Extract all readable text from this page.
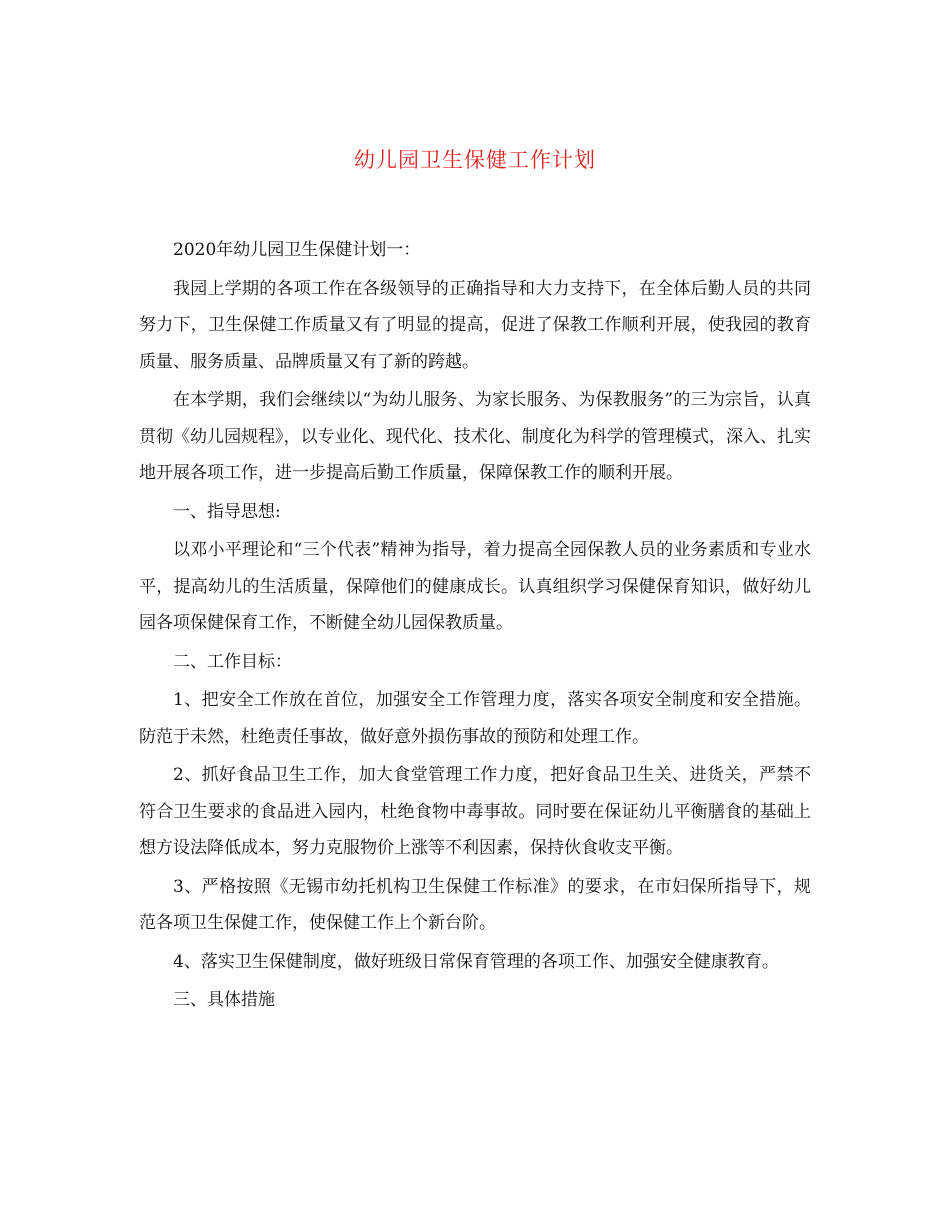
幼儿园卫生保健工作计划

2020年幼儿园卫生保健计划一：

我园上学期的各项工作在各级领导的正确指导和大力支持下，在全体后勤人员的共同努力下，卫生保健工作质量又有了明显的提高，促进了保教工作顺利开展，使我园的教育质量、服务质量、品牌质量又有了新的跨越。

在本学期，我们会继续以“为幼儿服务、为家长服务、为保教服务”的三为宗旨，认真贯彻《幼儿园规程》，以专业化、现代化、技术化、制度化为科学的管理模式，深入、扎实地开展各项工作，进一步提高后勤工作质量，保障保教工作的顺利开展。

一、指导思想:

以邓小平理论和“三个代表”精神为指导，着力提高全园保教人员的业务素质和专业水平，提高幼儿的生活质量，保障他们的健康成长。认真组织学习保健保育知识，做好幼儿园各项保健保育工作，不断健全幼儿园保教质量。

二、工作目标：

1、把安全工作放在首位，加强安全工作管理力度，落实各项安全制度和安全措施。防范于未然，杜绝责任事故，做好意外损伤事故的预防和处理工作。

2、抓好食品卫生工作，加大食堂管理工作力度，把好食品卫生关、进货关，严禁不符合卫生要求的食品进入园内，杜绝食物中毒事故。同时要在保证幼儿平衡膳食的基础上想方设法降低成本，努力克服物价上涨等不利因素，保持伙食收支平衡。

3、严格按照《无锡市幼托机构卫生保健工作标准》的要求，在市妇保所指导下，规范各项卫生保健工作，使保健工作上个新台阶。

4、落实卫生保健制度，做好班级日常保育管理的各项工作、加强安全健康教育。

三、具体措施
